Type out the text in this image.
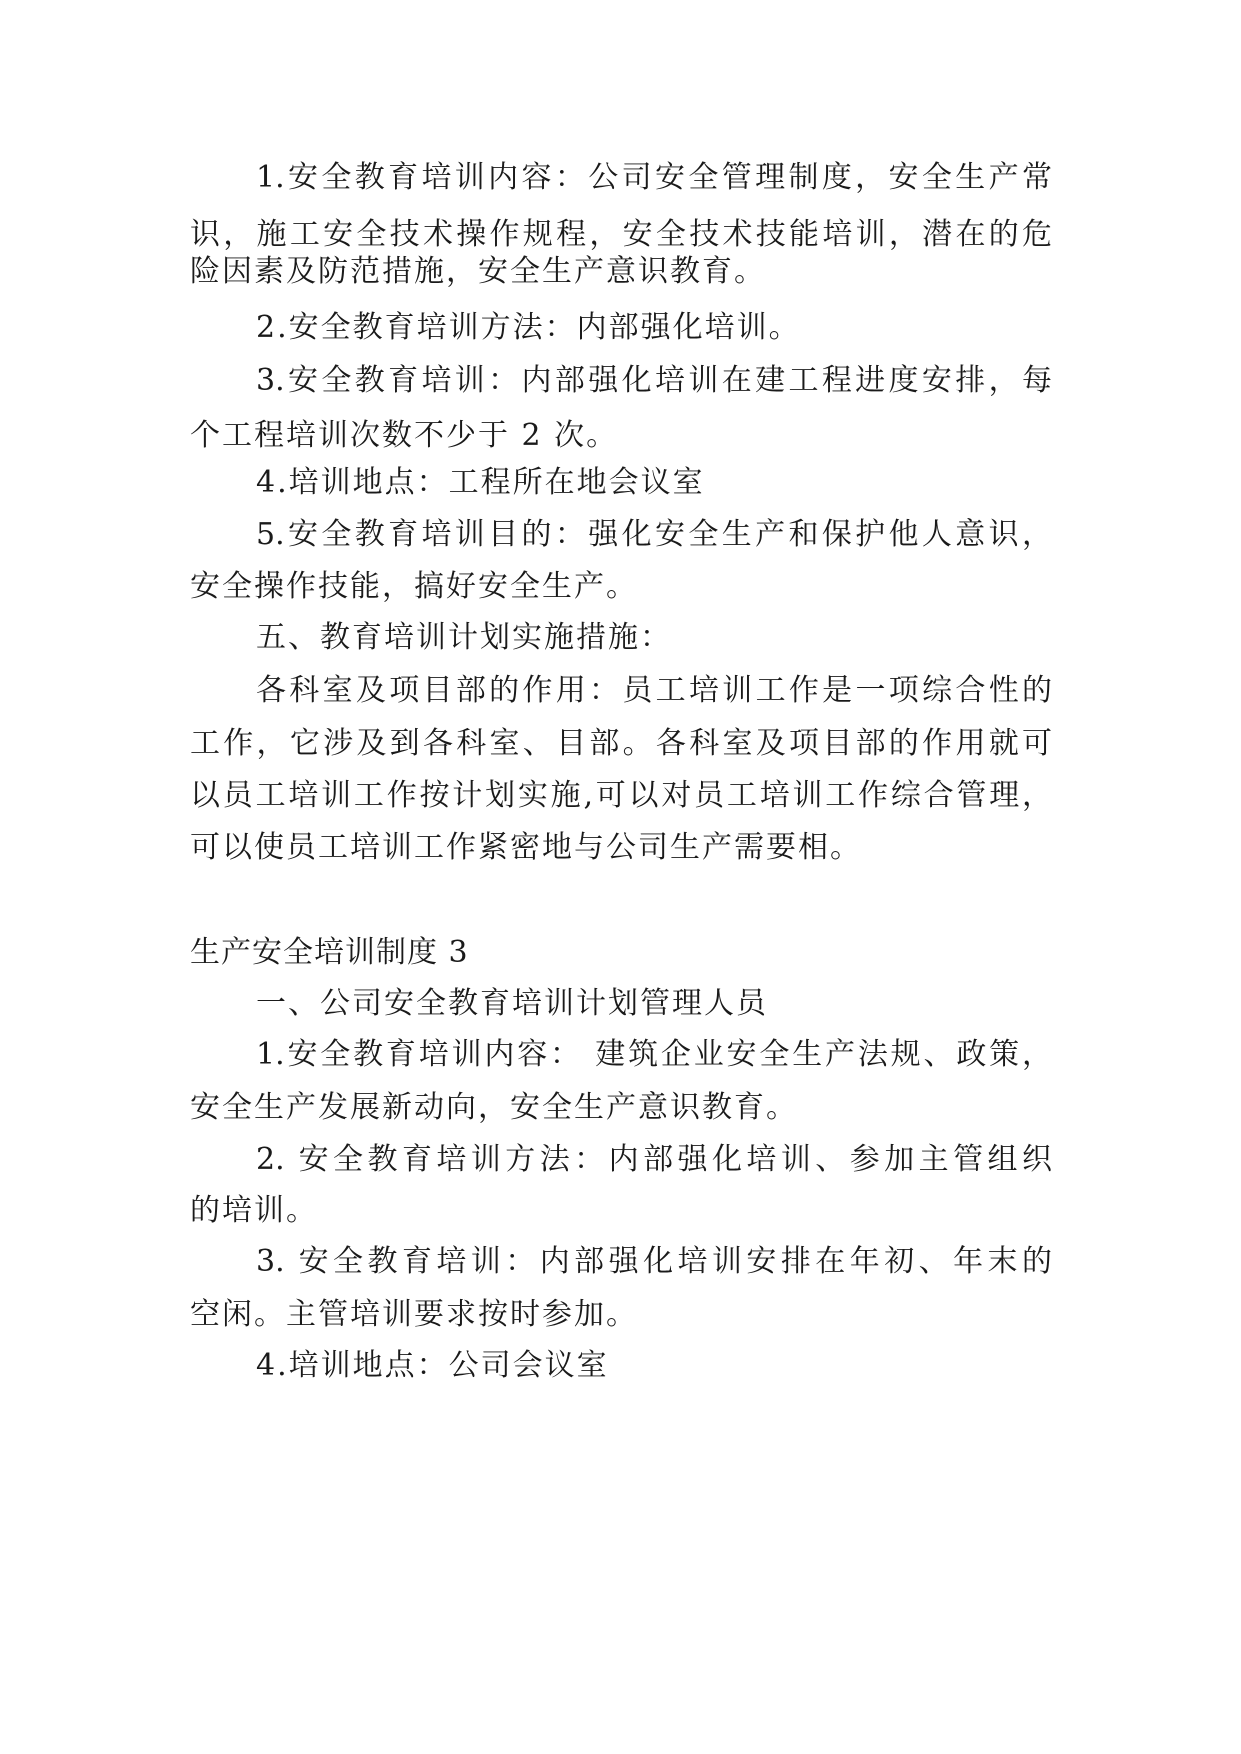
1.安全教育培训内容：公司安全管理制度，安全生产常
识，施工安全技术操作规程，安全技术技能培训，潜在的危
险因素及防范措施，安全生产意识教育。
2.安全教育培训方法：内部强化培训。
3.安全教育培训：内部强化培训在建工程进度安排，每
个工程培训次数不少于 2 次。
4.培训地点：工程所在地会议室
5.安全教育培训目的：强化安全生产和保护他人意识，
安全操作技能，搞好安全生产。
五、教育培训计划实施措施：
各科室及项目部的作用：员工培训工作是一项综合性的
工作，它涉及到各科室、目部。各科室及项目部的作用就可
以员工培训工作按计划实施,可以对员工培训工作综合管理，
可以使员工培训工作紧密地与公司生产需要相。
生产安全培训制度 3
一、公司安全教育培训计划管理人员
1.安全教育培训内容： 建筑企业安全生产法规、政策，
安全生产发展新动向，安全生产意识教育。
2. 安全教育培训方法：内部强化培训、参加主管组织
的培训。
3. 安全教育培训：内部强化培训安排在年初、年末的
空闲。主管培训要求按时参加。
4.培训地点：公司会议室
